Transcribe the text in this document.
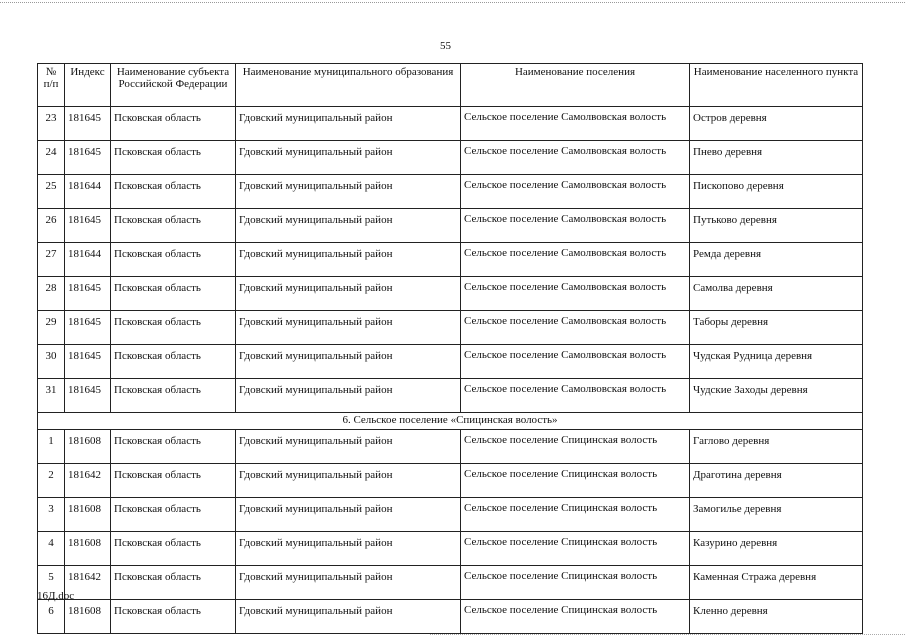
55
№ п/п	Индекс	Наименование субъекта Российской Федерации	Наименование муниципального образования	Наименование поселения	Наименование населенного пункта
23	181645	Псковская область	Гдовский муниципальный район	Сельское поселение Самолвовская волость	Остров деревня
24	181645	Псковская область	Гдовский муниципальный район	Сельское поселение Самолвовская волость	Пнево деревня
25	181644	Псковская область	Гдовский муниципальный район	Сельское поселение Самолвовская волость	Пископово деревня
26	181645	Псковская область	Гдовский муниципальный район	Сельское поселение Самолвовская волость	Путьково деревня
27	181644	Псковская область	Гдовский муниципальный район	Сельское поселение Самолвовская волость	Ремда деревня
28	181645	Псковская область	Гдовский муниципальный район	Сельское поселение Самолвовская волость	Самолва деревня
29	181645	Псковская область	Гдовский муниципальный район	Сельское поселение Самолвовская волость	Таборы деревня
30	181645	Псковская область	Гдовский муниципальный район	Сельское поселение Самолвовская волость	Чудская Рудница деревня
31	181645	Псковская область	Гдовский муниципальный район	Сельское поселение Самолвовская волость	Чудские Заходы деревня
6. Сельское поселение «Спицинская волость»					
1	181608	Псковская область	Гдовский муниципальный район	Сельское поселение Спицинская волость	Гаглово деревня
2	181642	Псковская область	Гдовский муниципальный район	Сельское поселение Спицинская волость	Драготина деревня
3	181608	Псковская область	Гдовский муниципальный район	Сельское поселение Спицинская волость	Замогилье деревня
4	181608	Псковская область	Гдовский муниципальный район	Сельское поселение Спицинская волость	Казурино деревня
5	181642	Псковская область	Гдовский муниципальный район	Сельское поселение Спицинская волость	Каменная Стража деревня
6	181608	Псковская область	Гдовский муниципальный район	Сельское поселение Спицинская волость	Кленно деревня
16Д.doc
